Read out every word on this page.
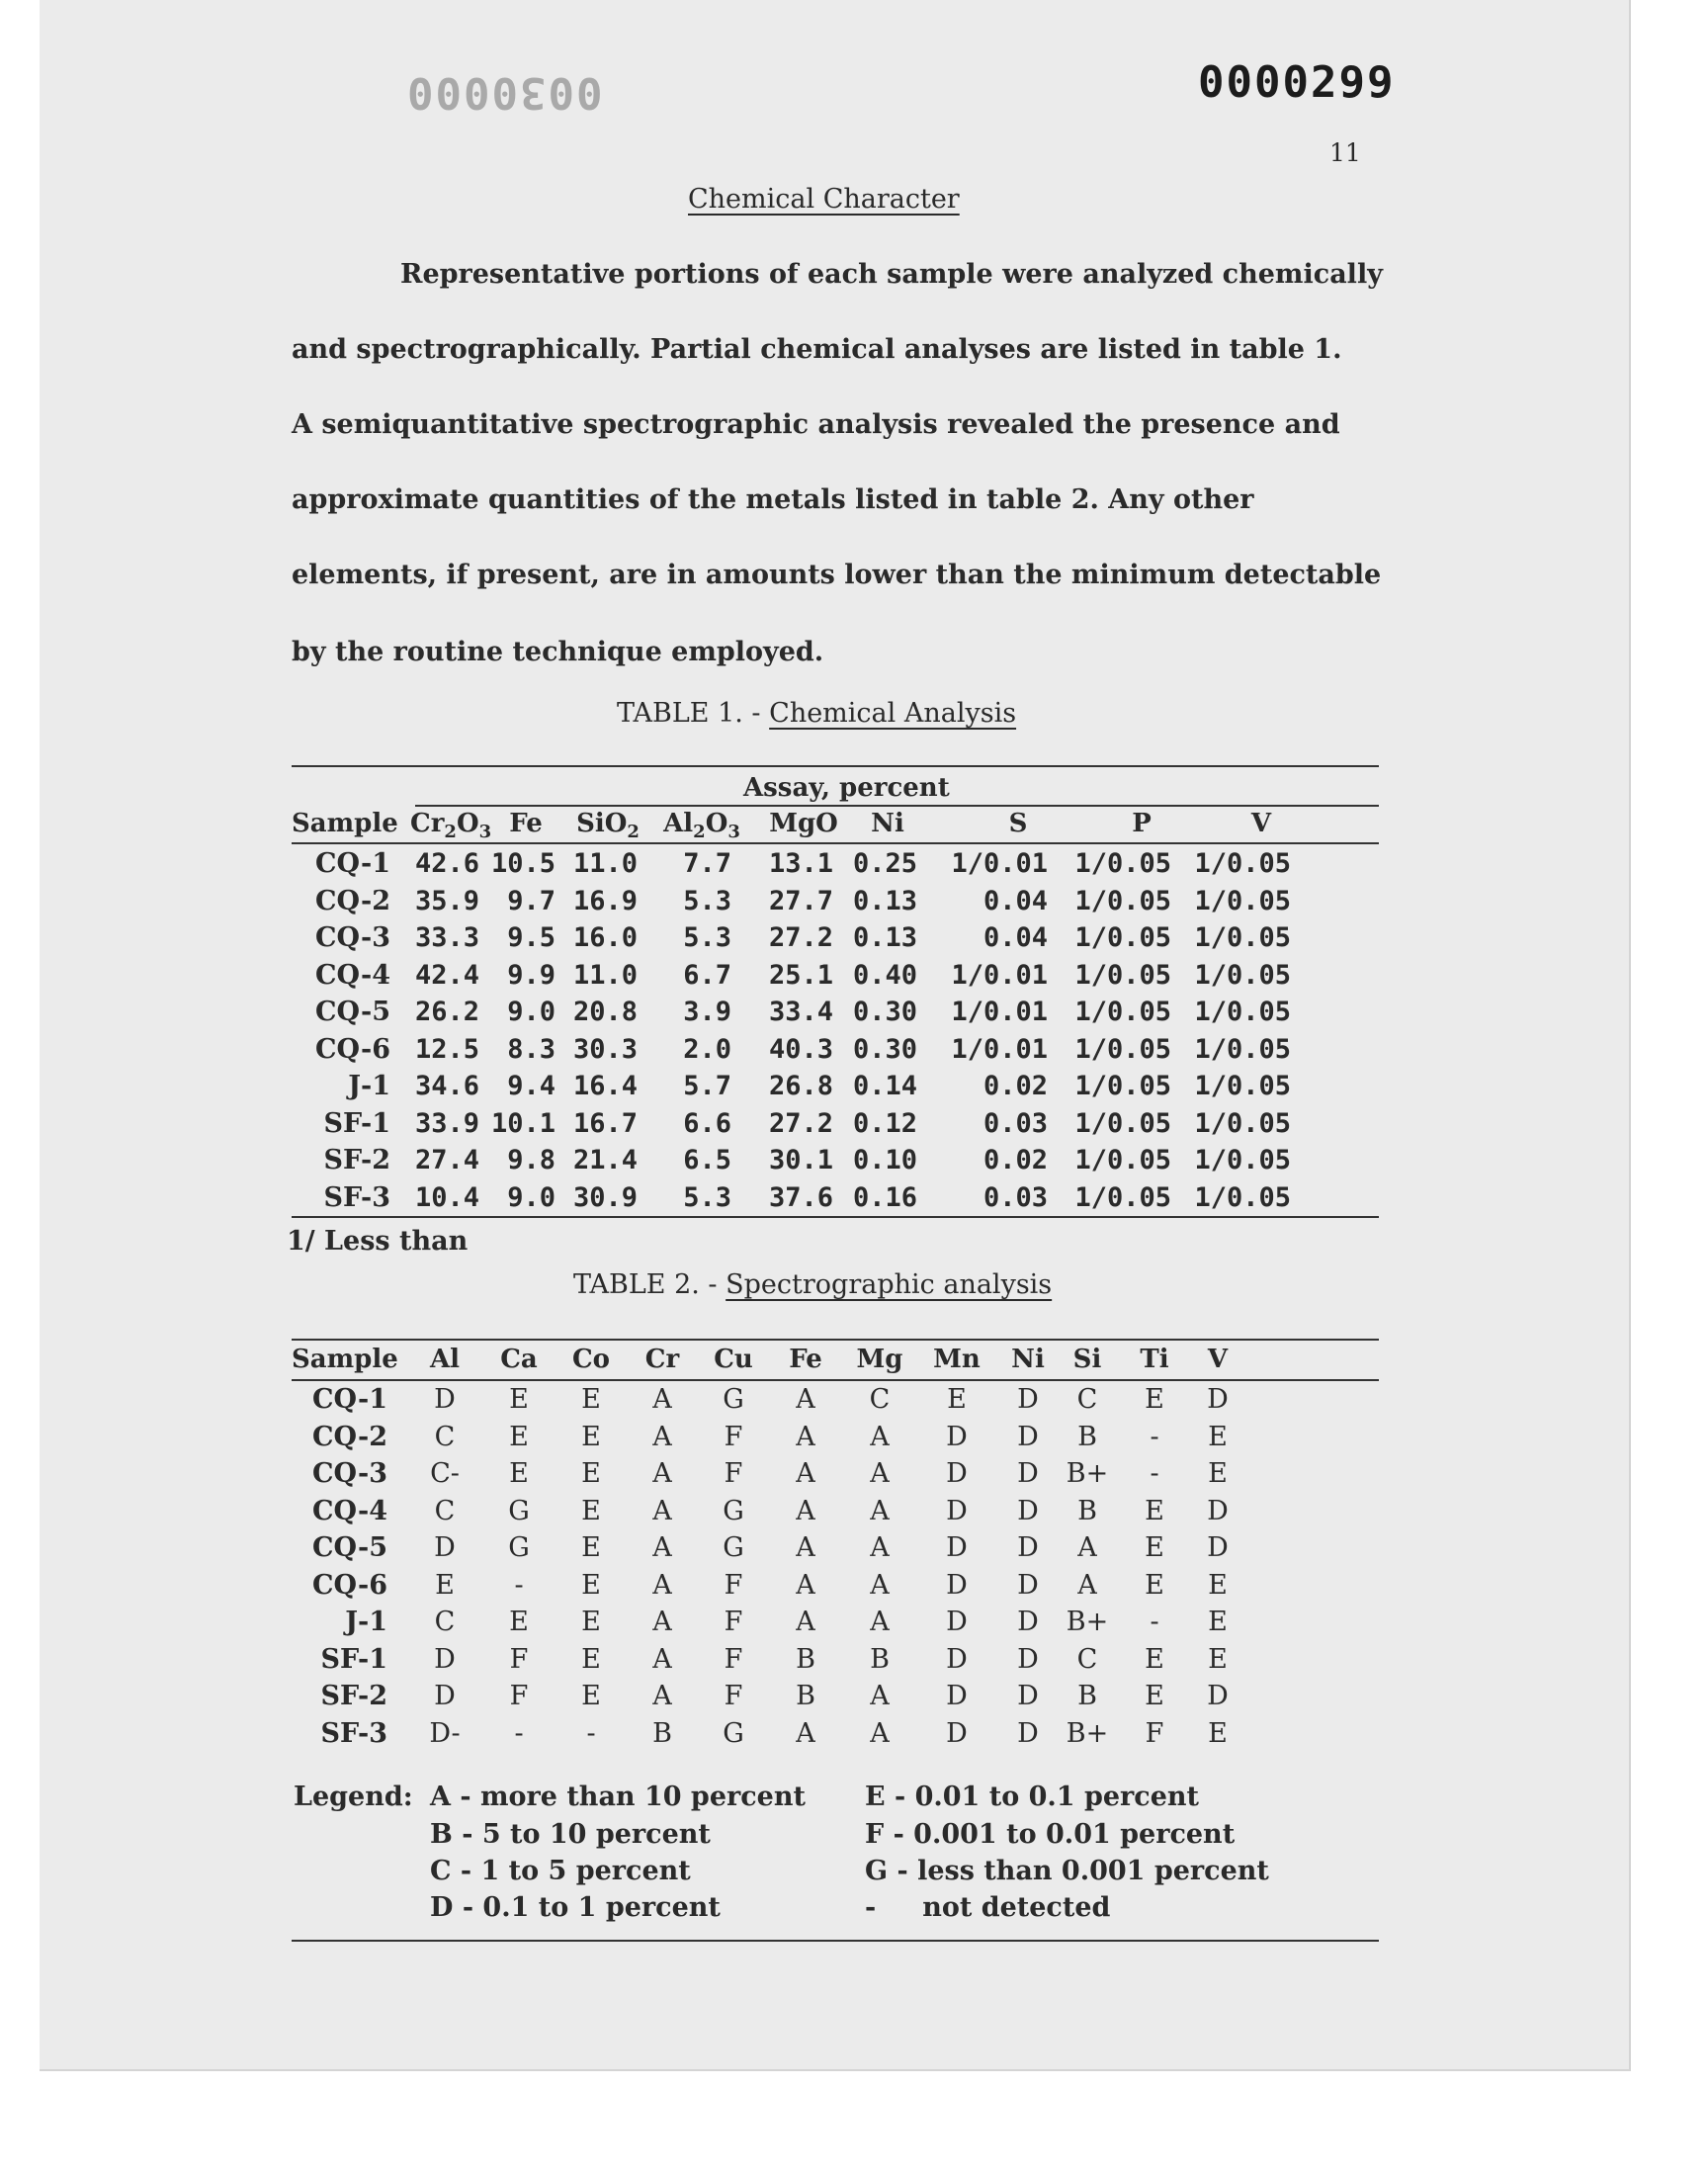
0030000	0000299
11
Chemical Character
Representative portions of each sample were analyzed chemically
and spectrographically. Partial chemical analyses are listed in table 1.
A semiquantitative spectrographic analysis revealed the presence and
approximate quantities of the metals listed in table 2. Any other
elements, if present, are in amounts lower than the minimum detectable
by the routine technique employed.
TABLE 1. - Chemical Analysis
Assay, percent
Sample $Cr_2O_3$ Fe	SiO$_2$ $Al_2O_3$ MgO	Ni	S	P	V
CQ-1 42.6 10.5 11.0	7.7	13.1 0.25	1/0.01	1/0.05 1/0.05
CQ-2 35.9	9.7 16.9	5.3	27.7 0.13	0.04	1/0.05 1/0.05
CQ-3 33.3	9.5 16.0	5.3	27.2 0.13	0.04	1/0.05 1/0.05
CQ-4 42.4	9.9 11.0	6.7	25.1 0.40	1/0.01	1/0.05 1/0.05
CQ-5 26.2	9.0 20.8	3.9	33.4 0.30	1/0.01	1/0.05 1/0.05
CQ-6 12.5	8.3 30.3	2.0	40.3 0.30	1/0.01	1/0.05 1/0.05
J-1 34.6	9.4 16.4	5.7	26.8 0.14	0.02	1/0.05 1/0.05
SF-1 33.9 10.1 16.7	6.6	27.2 0.12	0.03	1/0.05 1/0.05
SF-2 27.4	9.8 21.4	6.5	30.1 0.10	0.02	1/0.05 1/0.05
SF-3 10.4	9.0 30.9	5.3	37.6 0.16	0.03	1/0.05 1/0.05
1/ Less than
TABLE 2. - Spectrographic analysis
Sample	Al	Ca	Co	Cr	Cu	Fe	Mg	Mn	Ni	Si	Ti	V
CQ-1	D	E	E	A	G	A	C	E	D	C	E	D
CQ-2	C	E	E	A	F	A	A	D	D	B	-	E
CQ-3	C-	E	E	A	F	A	A	D	D	B+	-	E
CQ-4	C	G	E	A	G	A	A	D	D	B	E	D
CQ-5	D	G	E	A	G	A	A	D	D	A	E	D
CQ-6	E	-	E	A	F	A	A	D	D	A	E	E
J-1	C	E	E	A	F	A	A	D	D	B+	-	E
SF-1	D	F	E	A	F	B	B	D	D	C	E	E
SF-2	D	F	E	A	F	B	A	D	D	B	E	D
SF-3	D-	-	-	B	G	A	A	D	D	B+	F	E
Legend: A - more than 10 percent
B - 5 to 10 percent
C - 1 to 5 percent
D - 0.1 to 1 percent
E - 0.01 to 0.1 percent
F - 0.001 to 0.01 percent
G - less than 0.001 percent
-     not detected
